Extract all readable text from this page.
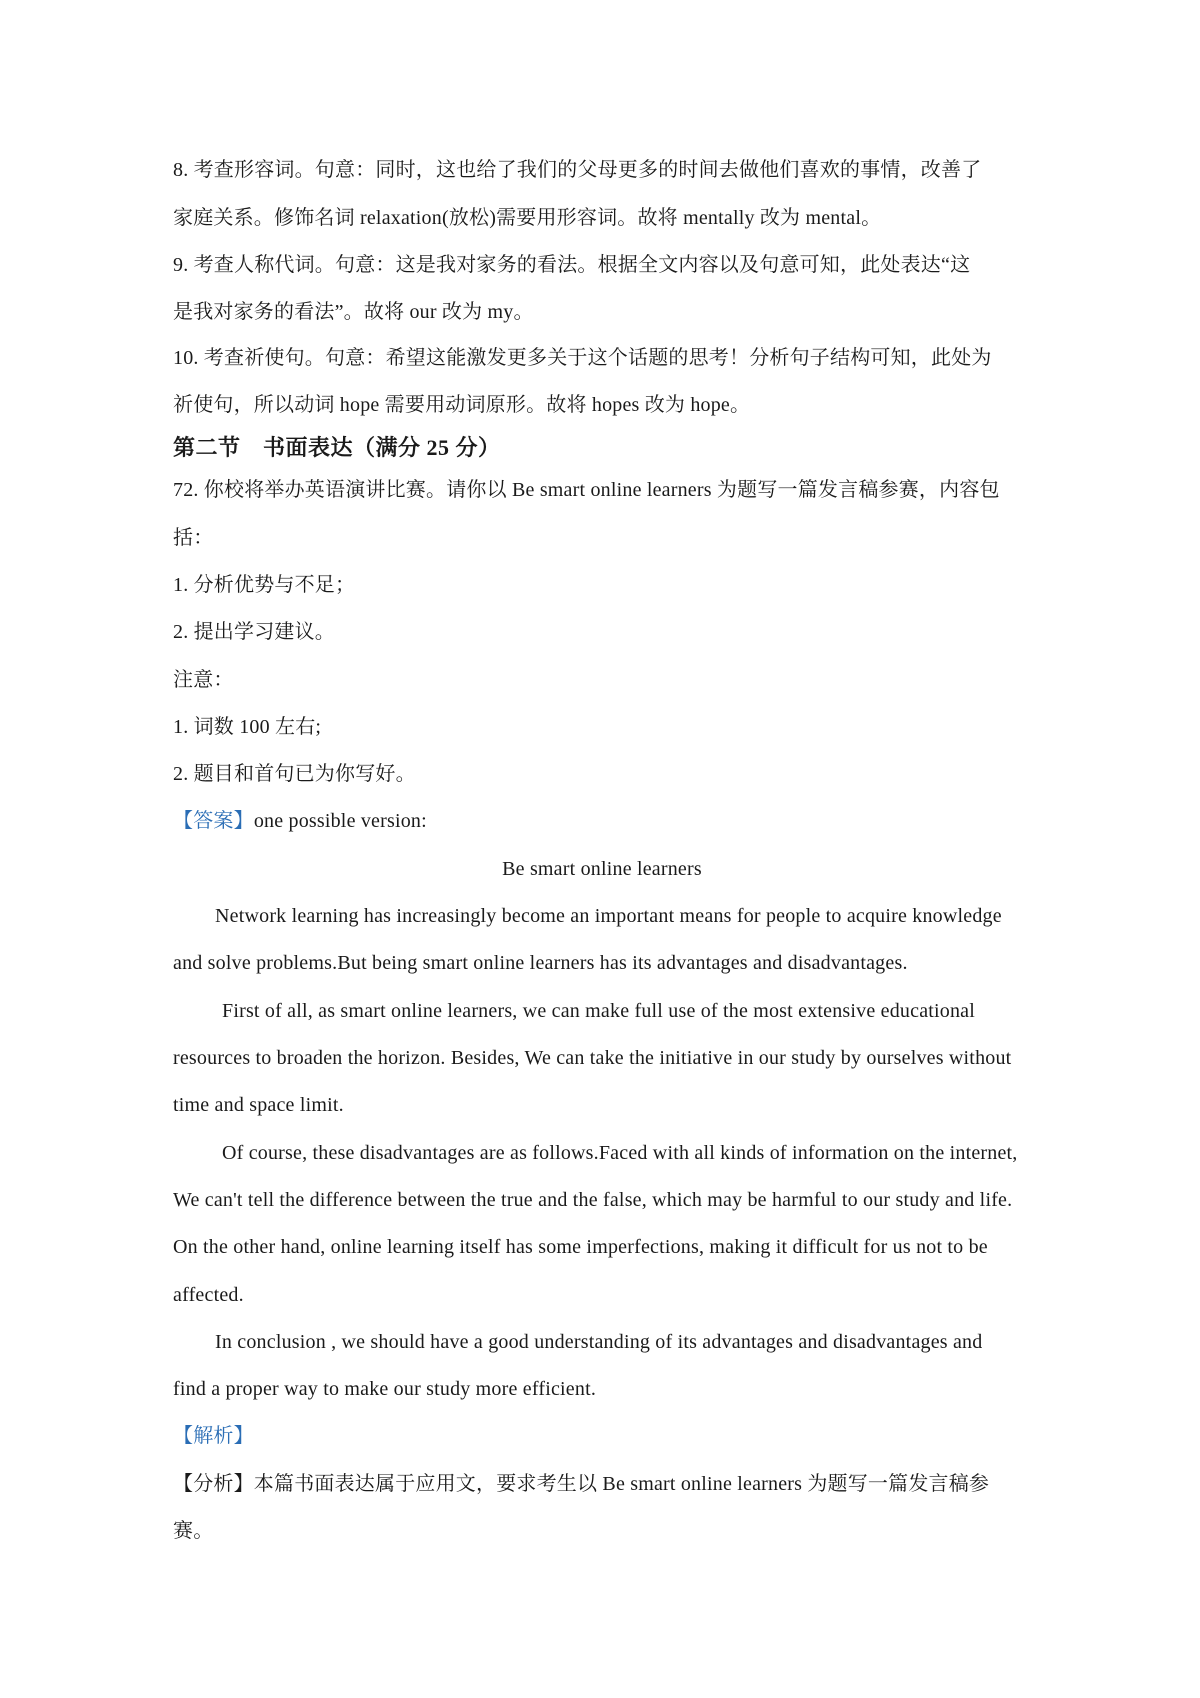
8. 考查形容词。句意：同时，这也给了我们的父母更多的时间去做他们喜欢的事情，改善了
家庭关系。修饰名词 relaxation(放松)需要用形容词。故将 mentally 改为 mental。
9. 考查人称代词。句意：这是我对家务的看法。根据全文内容以及句意可知，此处表达“这
是我对家务的看法”。故将 our 改为 my。
10. 考查祈使句。句意：希望这能激发更多关于这个话题的思考！分析句子结构可知，此处为
祈使句，所以动词 hope 需要用动词原形。故将 hopes 改为 hope。
第二节　书面表达（满分 25 分）
72. 你校将举办英语演讲比赛。请你以 Be smart online learners 为题写一篇发言稿参赛，内容包
括：
1. 分析优势与不足；
2. 提出学习建议。
注意：
1. 词数 100 左右;
2. 题目和首句已为你写好。
【答案】one possible version:
Be smart online learners
Network learning has increasingly become an important means for people to acquire knowledge
and solve problems.But being smart online learners has its advantages and disadvantages.
First of all, as smart online learners, we can make full use of the most extensive educational
resources to broaden the horizon. Besides, We can take the initiative in our study by ourselves without
time and space limit.
Of course, these disadvantages are as follows.Faced with all kinds of information on the internet,
We can't tell the difference between the true and the false, which may be harmful to our study and life.
On the other hand, online learning itself has some imperfections, making it difficult for us not to be
affected.
In conclusion , we should have a good understanding of its advantages and disadvantages and
find a proper way to make our study more efficient.
【解析】
【分析】本篇书面表达属于应用文，要求考生以 Be smart online learners 为题写一篇发言稿参
赛。
